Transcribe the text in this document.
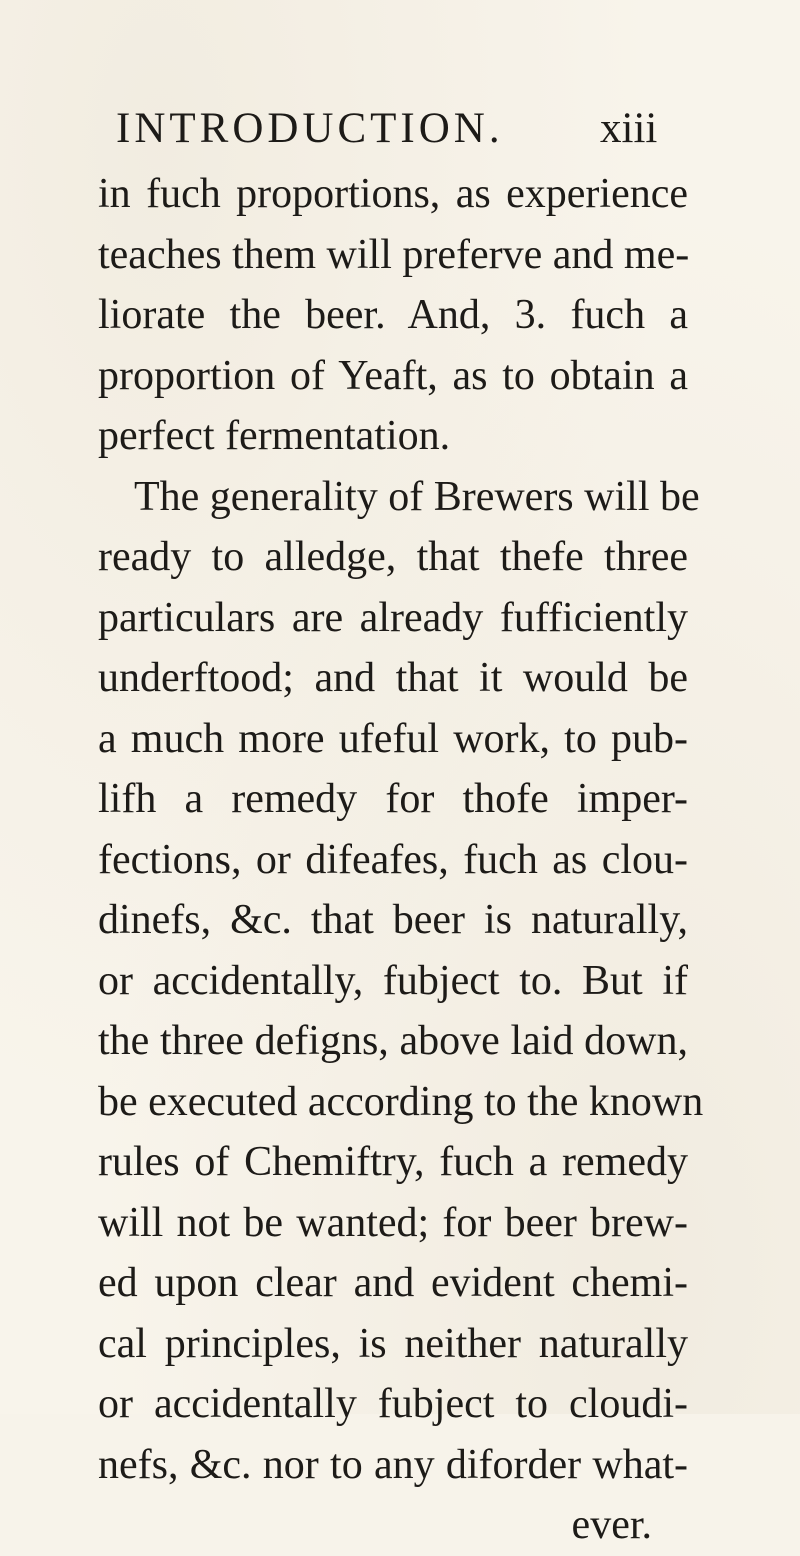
INTRODUCTION. xiii
in fuch proportions, as experience
teaches them will preferve and me-
liorate the beer. And, 3. fuch a
proportion of Yeaft, as to obtain a
perfect fermentation.
The generality of Brewers will be
ready to alledge, that thefe three
particulars are already fufficiently
underftood; and that it would be
a much more ufeful work, to pub-
lifh a remedy for thofe imper-
fections, or difeafes, fuch as clou-
dinefs, &c. that beer is naturally,
or accidentally, fubject to. But if
the three defigns, above laid down,
be executed according to the known
rules of Chemiftry, fuch a remedy
will not be wanted; for beer brew-
ed upon clear and evident chemi-
cal principles, is neither naturally
or accidentally fubject to cloudi-
nefs, &c. nor to any diforder what-
ever.
